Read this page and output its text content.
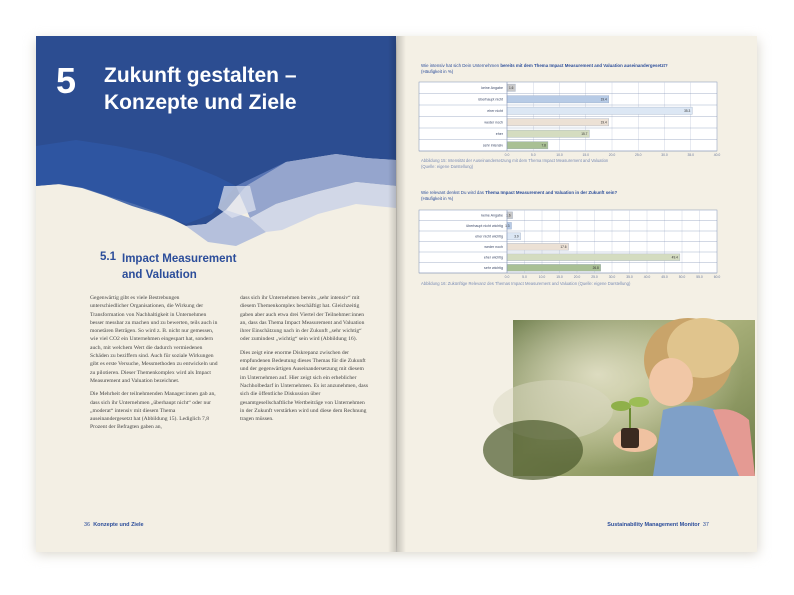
5 Zukunft gestalten –
Konzepte und Ziele
5.1 Impact Measurement
and Valuation

Gegenwärtig gibt es viele Bestrebungen unterschiedlicher Organisationen, die Wirkung der Transformation von Nachhaltigkeit in Unternehmen besser messbar zu machen und zu bewerten, teils auch in monetären Beträgen. So wird z. B. nicht nur gemessen, wie viel CO2 ein Unternehmen eingespart hat, sondern auch, mit welchem Wert die dadurch vermiedenen Schäden zu beziffern sind. Auch für soziale Wirkungen gibt es erste Versuche, Messmethoden zu entwickeln und zu pilotieren. Dieser Themenkomplex wird als Impact Measurement and Valuation bezeichnet.

Die Mehrheit der teilnehmenden Manager:innen gab an, dass sich ihr Unternehmen „überhaupt nicht“ oder nur „moderat“ intensiv mit diesem Thema auseinandergesetzt hat (Abbildung 15). Lediglich 7,8 Prozent der Befragten gaben an,

dass sich ihr Unternehmen bereits „sehr intensiv“ mit diesem Themenkomplex beschäftigt hat. Gleichzeitig gaben aber auch etwa drei Viertel der Teilnehmer:innen an, dass das Thema Impact Measurement and Valuation ihrer Einschätzung nach in der Zukunft „sehr wichtig“ oder zumindest „wichtig“ sein wird (Abbildung 16).

Dies zeigt eine enorme Diskrepanz zwischen der empfundenen Bedeutung dieses Themas für die Zukunft und der gegenwärtigen Auseinandersetzung mit diesem im Unternehmen auf. Hier zeigt sich ein erheblicher Nachholbedarf in Unternehmen. Es ist anzunehmen, dass sich die öffentliche Diskussion über gesamtgesellschaftliche Wertbeiträge von Unternehmen in der Zukunft verstärken wird und diese dem Rechnung tragen müssen.

36 Konzepte und Ziele
Wie intensiv hat sich Dein Unternehmen bereits mit dem Thema Impact Measurement and Valuation auseinandergesetzt?
(Häufigkeit in %)
0.0	5.0	10.0	15.0	20.0	25.0	30.0	35.0	40.0
keine Angabe 1.6
überhaupt nicht	19.4
eher nicht	35.3
weder noch	19.4
eher	15.7
sehr intensiv	7.8
Abbildung 15: Intensität der Auseinandersetzung mit dem Thema Impact Measurement and Valuation
(Quelle: eigene Darstellung)
Wie relevant denkst Du wird das Thema Impact Measurement and Valuation in der Zukunft sein?
(Häufigkeit in %)
0.0	5.0	10.0	15.0	20.0	25.0	30.0	35.0	40.0	45.0	50.0	55.0	60.0
keine Angabe 1.6
überhaupt nicht wichtig 1.3
eher nicht wichtig	3.9
weder noch	17.6
eher wichtig	49.4
sehr wichtig	26.8
Abbildung 16: Zukünftige Relevanz des Themas Impact Measurement and Valuation (Quelle: eigene Darstellung)
Sustainability Management Monitor 37
